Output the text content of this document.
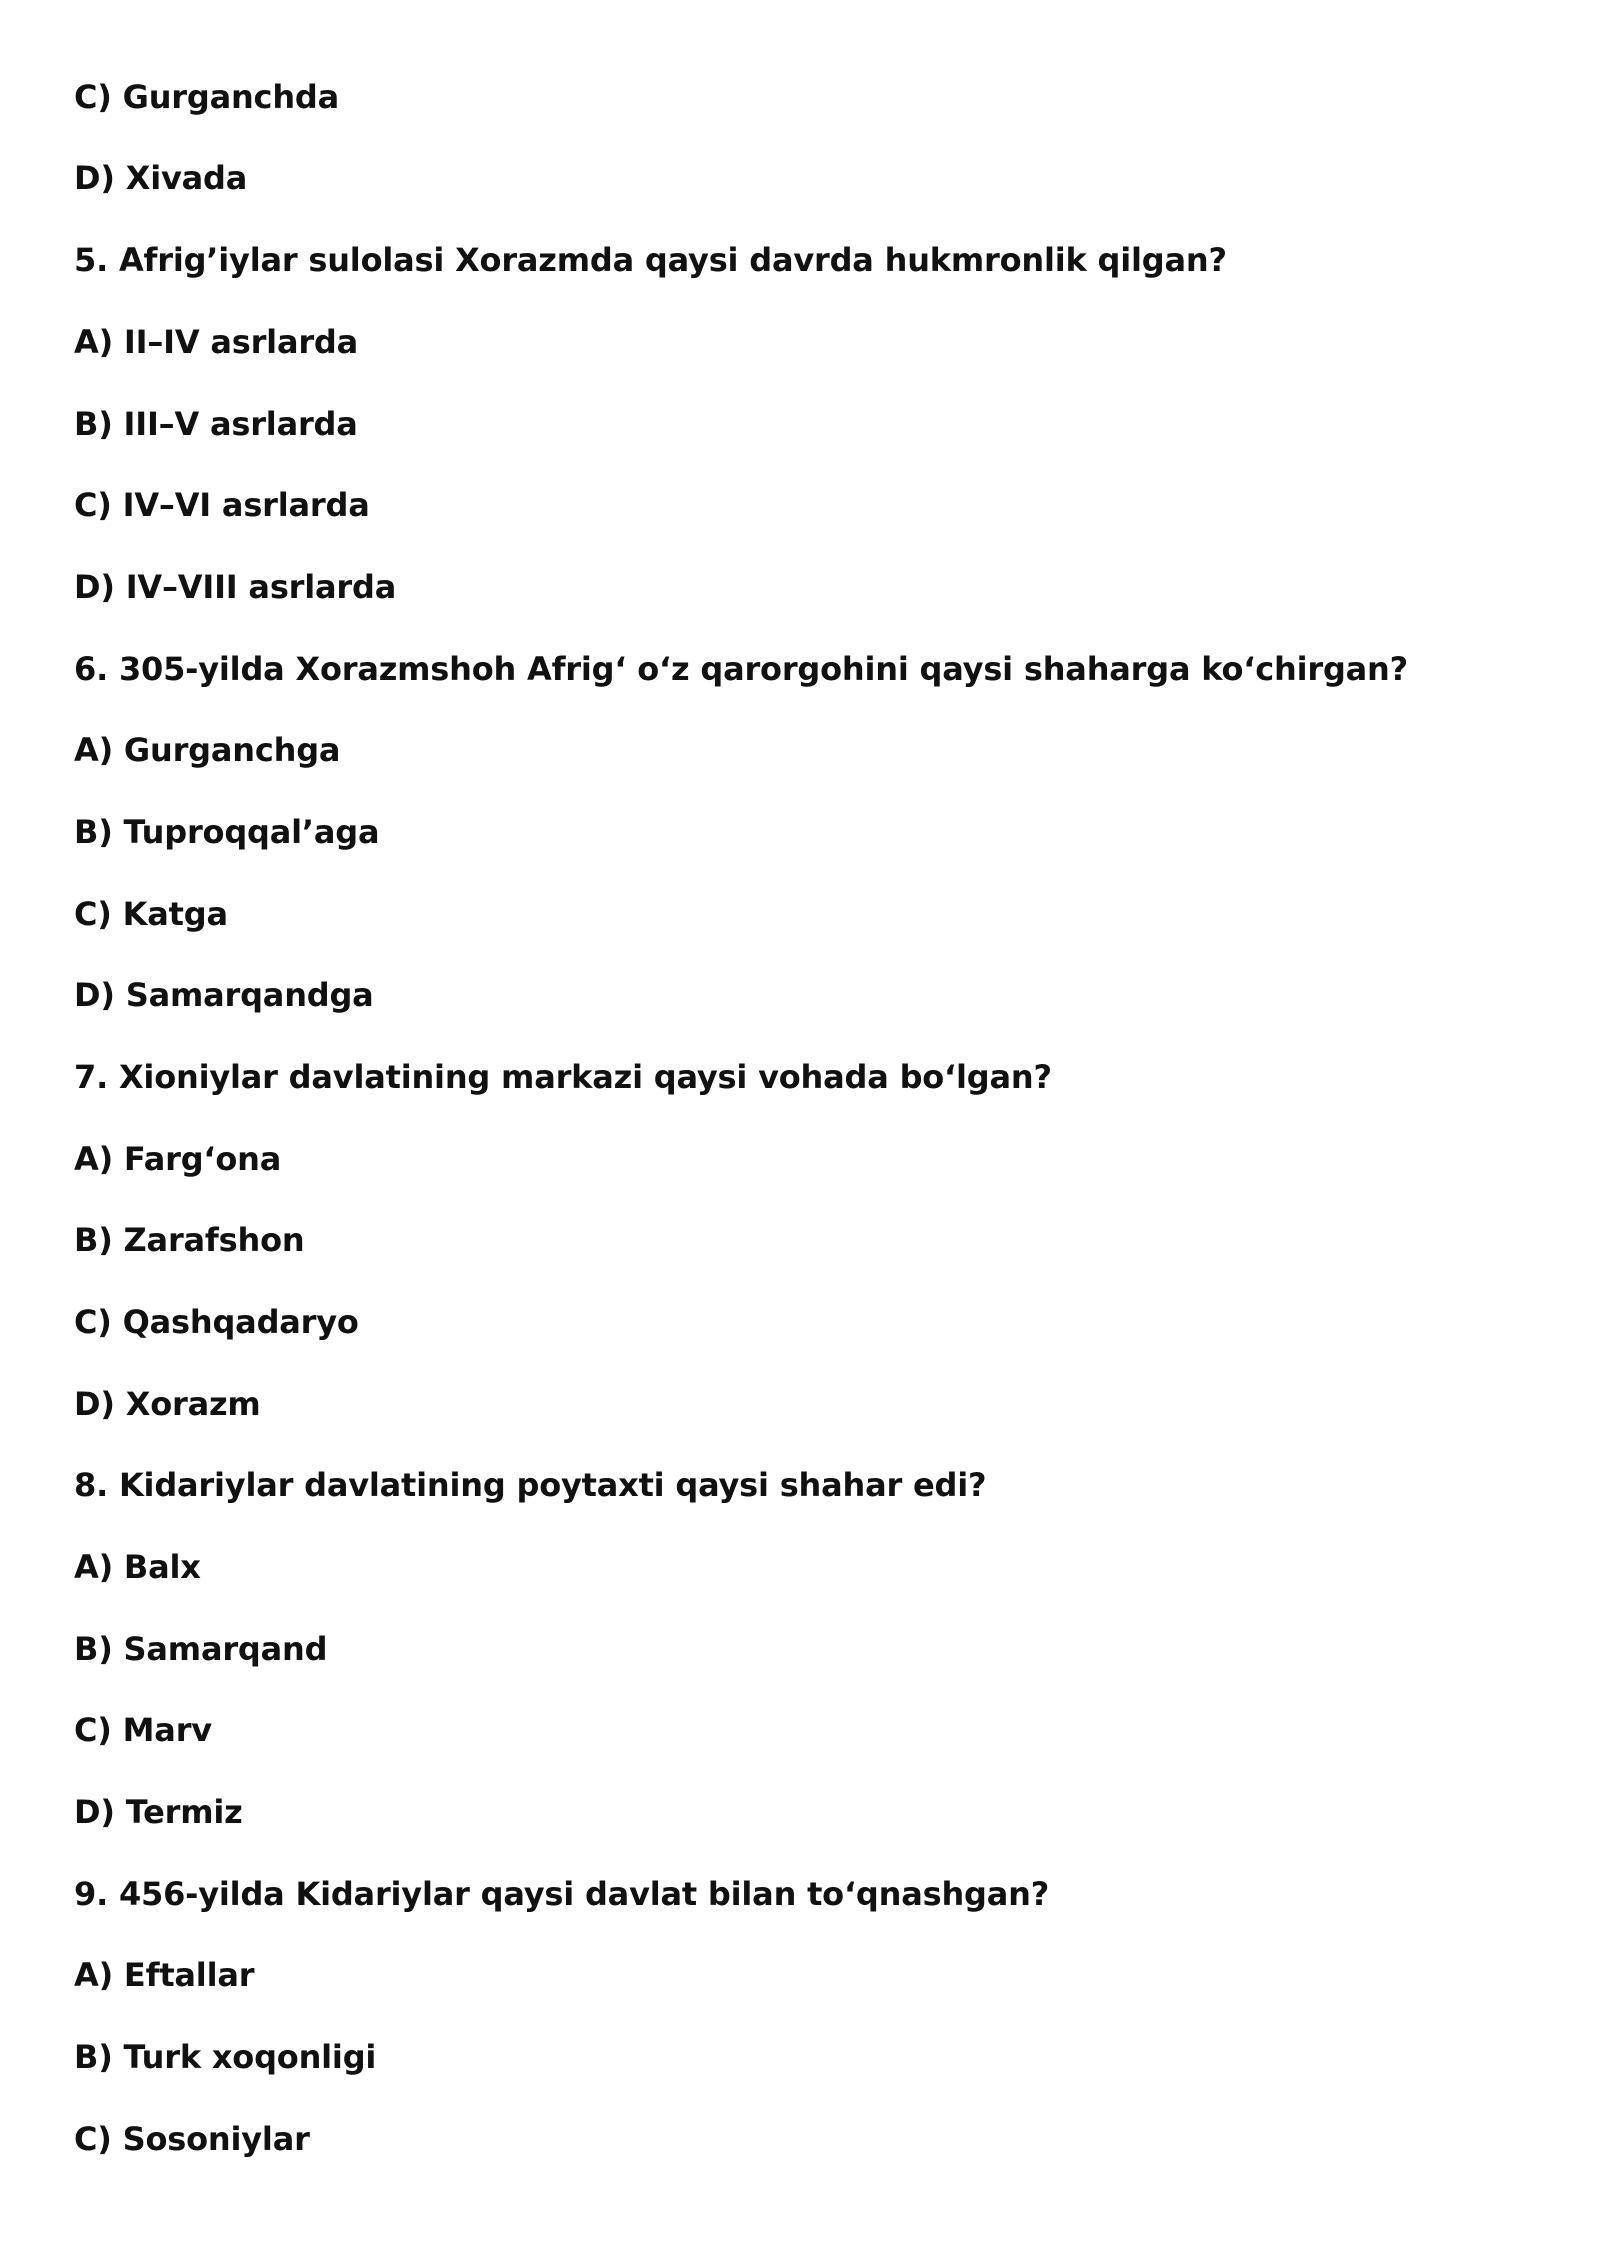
C) Gurganchda
D) Xivada
5. Afrig’iylar sulolasi Xorazmda qaysi davrda hukmronlik qilgan?
A) II–IV asrlarda
B) III–V asrlarda
C) IV–VI asrlarda
D) IV–VIII asrlarda
6. 305-yilda Xorazmshoh Afrig‘ o‘z qarorgohini qaysi shaharga ko‘chirgan?
A) Gurganchga
B) Tuproqqal’aga
C) Katga
D) Samarqandga
7. Xioniylar davlatining markazi qaysi vohada bo‘lgan?
A) Farg‘ona
B) Zarafshon
C) Qashqadaryo
D) Xorazm
8. Kidariylar davlatining poytaxti qaysi shahar edi?
A) Balx
B) Samarqand
C) Marv
D) Termiz
9. 456-yilda Kidariylar qaysi davlat bilan to‘qnashgan?
A) Eftallar
B) Turk xoqonligi
C) Sosoniylar
